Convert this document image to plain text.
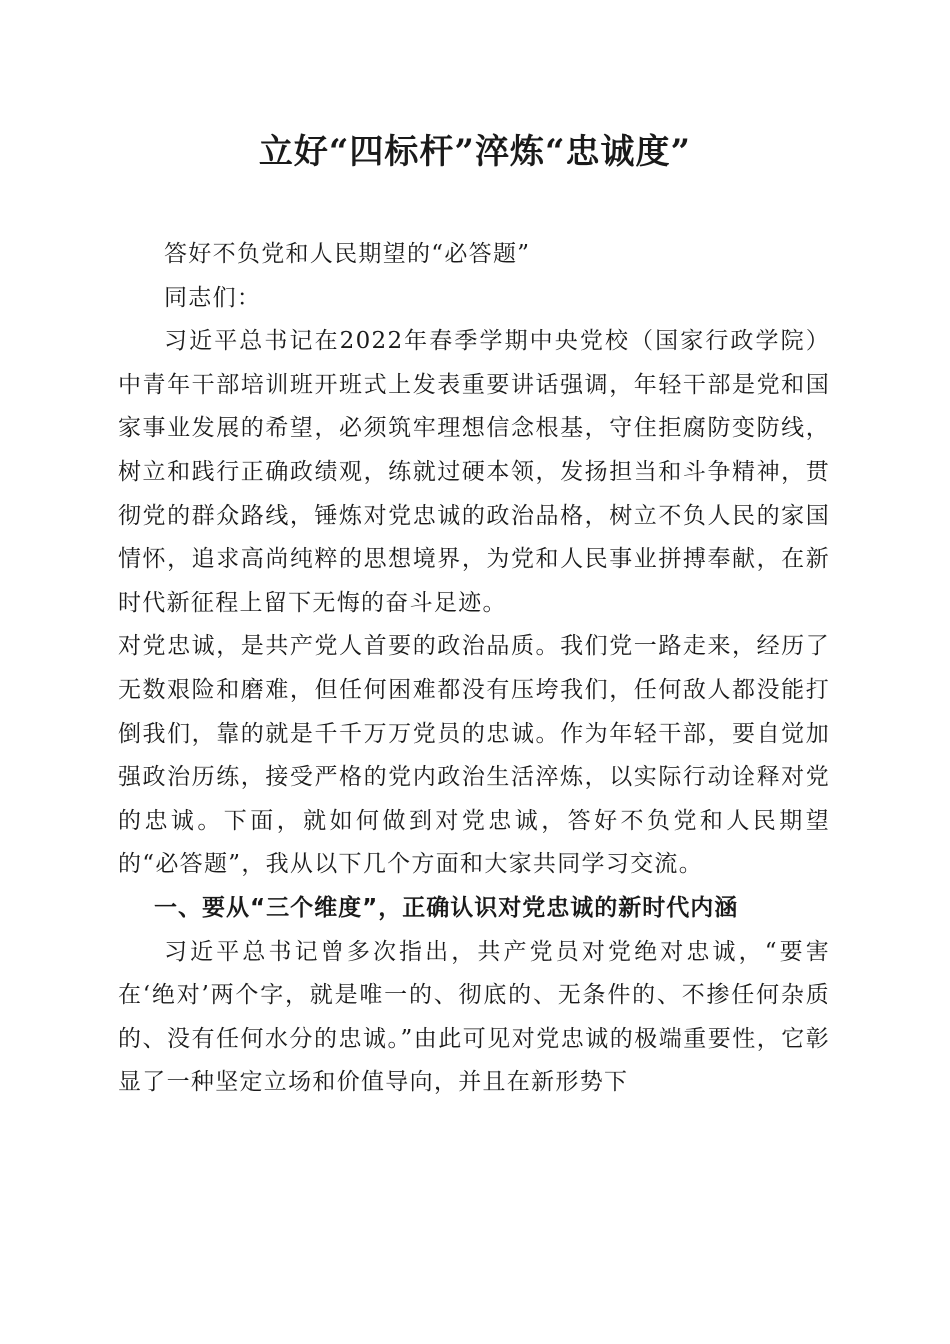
立好“四标杆”淬炼“忠诚度”

答好不负党和人民期望的“必答题”

同志们：

习近平总书记在2022年春季学期中央党校（国家行政学院）中青年干部培训班开班式上发表重要讲话强调，年轻干部是党和国家事业发展的希望，必须筑牢理想信念根基，守住拒腐防变防线，树立和践行正确政绩观，练就过硬本领，发扬担当和斗争精神，贯彻党的群众路线，锤炼对党忠诚的政治品格，树立不负人民的家国情怀，追求高尚纯粹的思想境界，为党和人民事业拼搏奉献，在新时代新征程上留下无悔的奋斗足迹。

对党忠诚，是共产党人首要的政治品质。我们党一路走来，经历了无数艰险和磨难，但任何困难都没有压垮我们，任何敌人都没能打倒我们，靠的就是千千万万党员的忠诚。作为年轻干部，要自觉加强政治历练，接受严格的党内政治生活淬炼，以实际行动诠释对党的忠诚。下面，就如何做到对党忠诚，答好不负党和人民期望的“必答题”，我从以下几个方面和大家共同学习交流。

一、要从“三个维度”，正确认识对党忠诚的新时代内涵

习近平总书记曾多次指出，共产党员对党绝对忠诚，“要害在‘绝对’两个字，就是唯一的、彻底的、无条件的、不掺任何杂质的、没有任何水分的忠诚。”由此可见对党忠诚的极端重要性，它彰显了一种坚定立场和价值导向，并且在新形势下
